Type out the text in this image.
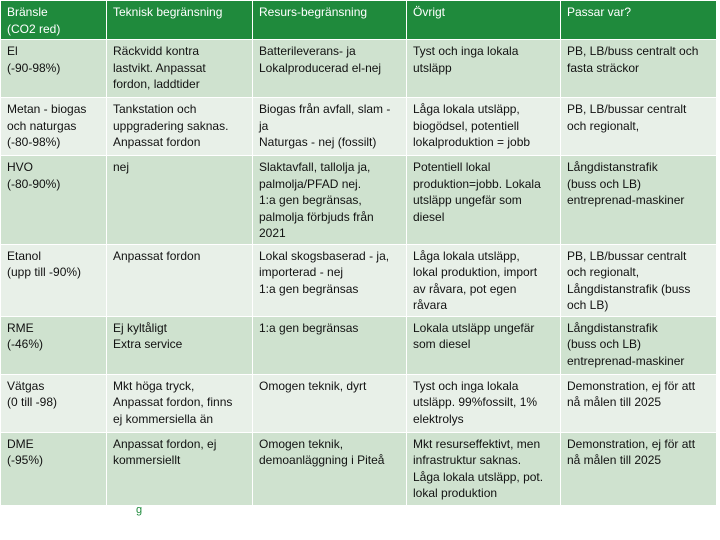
Bränsle
(CO2 red)	Teknisk begränsning	Resurs-begränsning	Övrigt	Passar var?

El
(-90-98%)	Räckvidd kontra
lastvikt. Anpassat
fordon, laddtider	Batterileverans- ja
Lokalproducerad el-nej	Tyst och inga lokala
utsläpp	PB, LB/buss centralt och
fasta sträckor

Metan - biogas
och naturgas
(-80-98%)	Tankstation och
uppgradering saknas.
Anpassat fordon	Biogas från avfall, slam -
ja
Naturgas - nej (fossilt)	Låga lokala utsläpp,
biogödsel, potentiell
lokalproduktion = jobb	PB, LB/bussar centralt
och regionalt,

HVO
(-80-90%)	nej	Slaktavfall, tallolja ja,
palmolja/PFAD nej.
1:a gen begränsas,
palmolja förbjuds från
2021	Potentiell lokal
produktion=jobb. Lokala
utsläpp ungefär som
diesel	Långdistanstrafik
(buss och LB)
entreprenad-maskiner

Etanol
(upp till -90%)	Anpassat fordon	Lokal skogsbaserad - ja,
importerad - nej
1:a gen begränsas	Låga lokala utsläpp,
lokal produktion, import
av råvara, pot egen
råvara	PB, LB/bussar centralt
och regionalt,
Långdistanstrafik (buss
och LB)

RME
(-46%)	Ej kyltåligt
Extra service	1:a gen begränsas	Lokala utsläpp ungefär
som diesel	Långdistanstrafik
(buss och LB)
entreprenad-maskiner

Vätgas
(0 till -98)	Mkt höga tryck,
Anpassat fordon, finns
ej kommersiella än	Omogen teknik, dyrt	Tyst och inga lokala
utsläpp. 99%fossilt, 1%
elektrolys	Demonstration, ej för att
nå målen till 2025

DME
(-95%)	Anpassat fordon, ej
kommersiellt	Omogen teknik,
demoanläggning i Piteå	Mkt resurseffektivt, men
infrastruktur saknas.
Låga lokala utsläpp, pot.
lokal produktion	Demonstration, ej för att
nå målen till 2025
g
